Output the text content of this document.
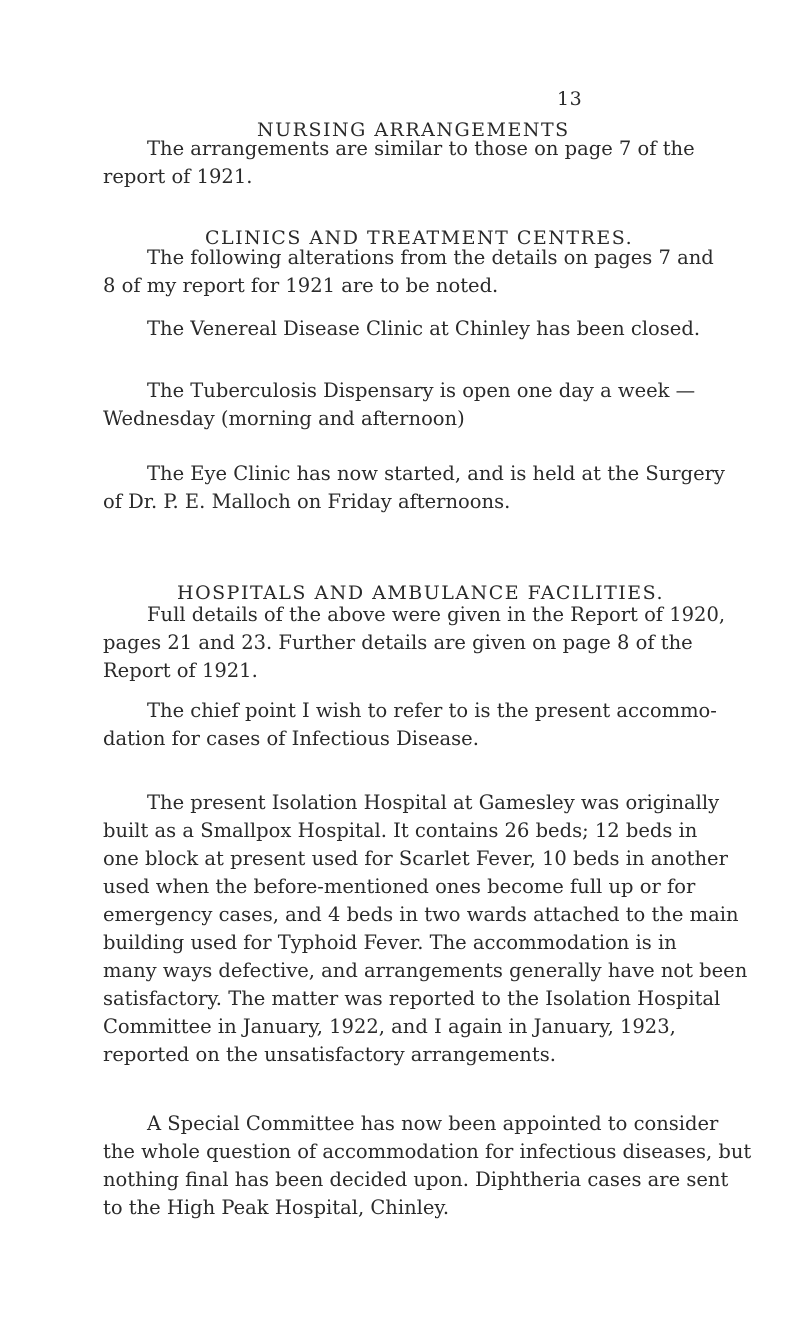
13
NURSING ARRANGEMENTS
The arrangements are similar to those on page 7 of the
report of 1921.
CLINICS AND TREATMENT CENTRES.
The following alterations from the details on pages 7 and
8 of my report for 1921 are to be noted.
The Venereal Disease Clinic at Chinley has been closed.
The Tuberculosis Dispensary is open one day a week —
Wednesday (morning and afternoon)
The Eye Clinic has now started, and is held at the Surgery
of Dr. P. E. Malloch on Friday afternoons.
HOSPITALS AND AMBULANCE FACILITIES.
Full details of the above were given in the Report of 1920,
pages 21 and 23. Further details are given on page 8 of the
Report of 1921.
The chief point I wish to refer to is the present accommo-
dation for cases of Infectious Disease.
The present Isolation Hospital at Gamesley was originally
built as a Smallpox Hospital. It contains 26 beds; 12 beds in
one block at present used for Scarlet Fever, 10 beds in another
used when the before-mentioned ones become full up or for
emergency cases, and 4 beds in two wards attached to the main
building used for Typhoid Fever. The accommodation is in
many ways defective, and arrangements generally have not been
satisfactory. The matter was reported to the Isolation Hospital
Committee in January, 1922, and I again in January, 1923,
reported on the unsatisfactory arrangements.
A Special Committee has now been appointed to consider
the whole question of accommodation for infectious diseases, but
nothing final has been decided upon. Diphtheria cases are sent
to the High Peak Hospital, Chinley.
